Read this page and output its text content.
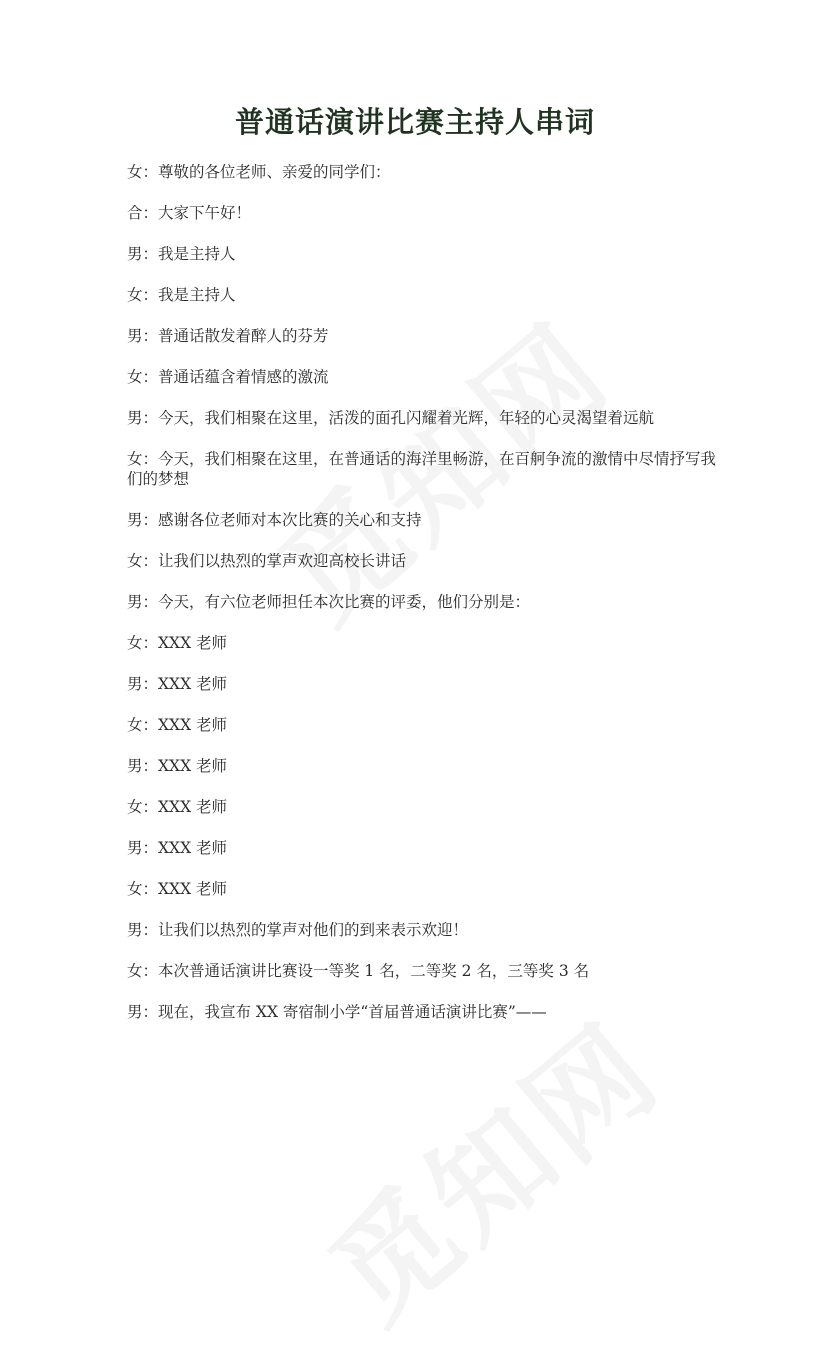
普通话演讲比赛主持人串词

女：尊敬的各位老师、亲爱的同学们：

合：大家下午好！

男：我是主持人

女：我是主持人

男：普通话散发着醉人的芬芳

女：普通话蕴含着情感的激流

男：今天，我们相聚在这里，活泼的面孔闪耀着光辉，年轻的心灵渴望着远航

女：今天，我们相聚在这里，在普通话的海洋里畅游，在百舸争流的激情中尽情抒写我们的梦想

男：感谢各位老师对本次比赛的关心和支持

女：让我们以热烈的掌声欢迎高校长讲话

男：今天，有六位老师担任本次比赛的评委，他们分别是：

女：XXX 老师

男：XXX 老师

女：XXX 老师

男：XXX 老师

女：XXX 老师

男：XXX 老师

女：XXX 老师

男：让我们以热烈的掌声对他们的到来表示欢迎！

女：本次普通话演讲比赛设一等奖 1 名，二等奖 2 名，三等奖 3 名

男：现在，我宣布 XX 寄宿制小学“首届普通话演讲比赛”——
